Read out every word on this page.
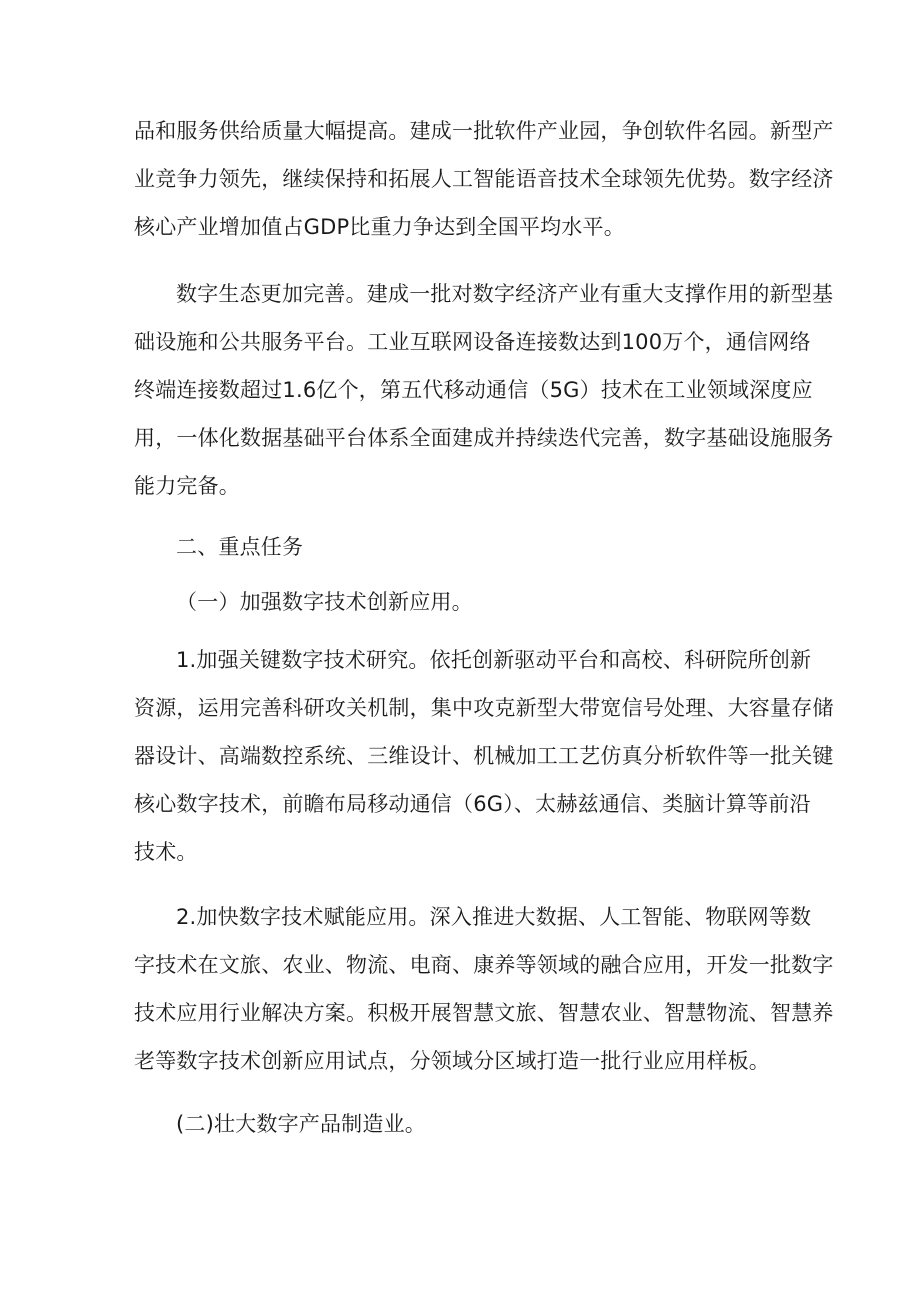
品和服务供给质量大幅提高。建成一批软件产业园，争创软件名园。新型产
业竞争力领先，继续保持和拓展人工智能语音技术全球领先优势。数字经济
核心产业增加值占GDP比重力争达到全国平均水平。
数字生态更加完善。建成一批对数字经济产业有重大支撑作用的新型基
础设施和公共服务平台。工业互联网设备连接数达到100万个，通信网络
终端连接数超过1.6亿个，第五代移动通信（5G）技术在工业领域深度应
用，一体化数据基础平台体系全面建成并持续迭代完善，数字基础设施服务
能力完备。
二、重点任务
（一）加强数字技术创新应用。
1.加强关键数字技术研究。依托创新驱动平台和高校、科研院所创新
资源，运用完善科研攻关机制，集中攻克新型大带宽信号处理、大容量存储
器设计、高端数控系统、三维设计、机械加工工艺仿真分析软件等一批关键
核心数字技术，前瞻布局移动通信（6G）、太赫兹通信、类脑计算等前沿
技术。
2.加快数字技术赋能应用。深入推进大数据、人工智能、物联网等数
字技术在文旅、农业、物流、电商、康养等领域的融合应用，开发一批数字
技术应用行业解决方案。积极开展智慧文旅、智慧农业、智慧物流、智慧养
老等数字技术创新应用试点，分领域分区域打造一批行业应用样板。
(二)壮大数字产品制造业。
